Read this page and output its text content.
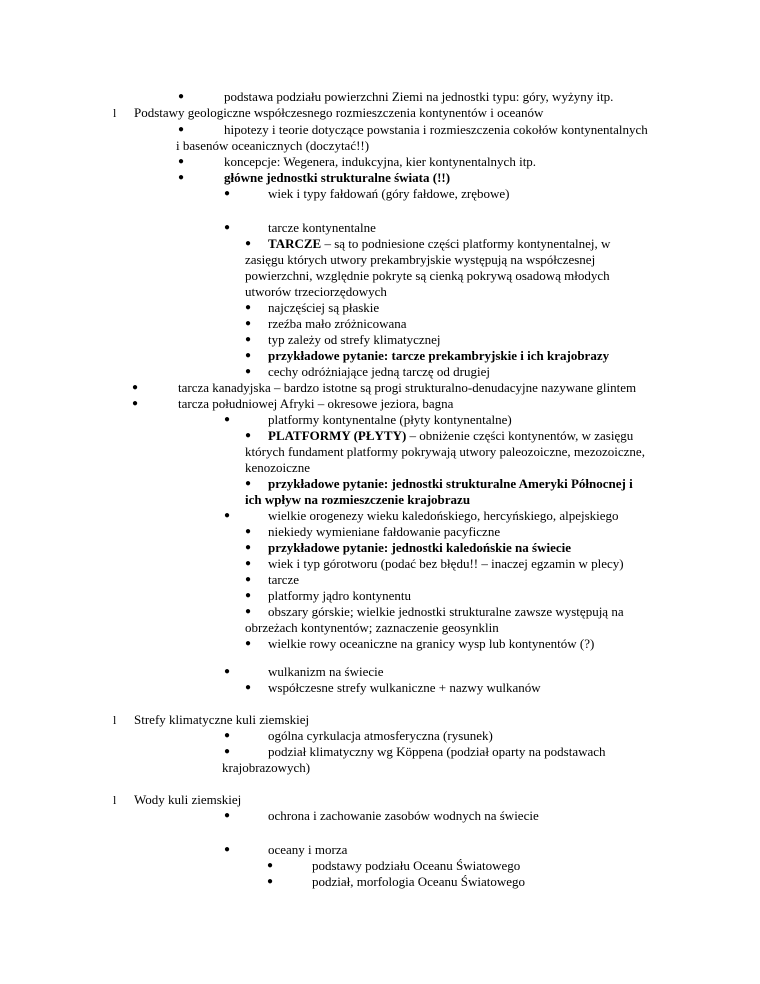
●	podstawa podziału powierzchni Ziemi na jednostki typu: góry, wyżyny itp.
l Podstawy geologiczne współczesnego rozmieszczenia kontynentów i oceanów
●	hipotezy i teorie dotyczące powstania i rozmieszczenia cokołów kontynentalnych
i basenów oceanicznych (doczytać!!)
●	koncepcje: Wegenera, indukcyjna, kier kontynentalnych itp.
●	główne jednostki strukturalne świata (!!)
●	wiek i typy fałdowań (góry fałdowe, zrębowe)
●	tarcze kontynentalne
● TARCZE – są to podniesione części platformy kontynentalnej, w
zasięgu których utwory prekambryjskie występują na współczesnej
powierzchni, względnie pokryte są cienką pokrywą osadową młodych
utworów trzeciorzędowych
● najczęściej są płaskie
● rzeźba mało zróżnicowana
● typ zależy od strefy klimatycznej
● przykładowe pytanie: tarcze prekambryjskie i ich krajobrazy
● cechy odróżniające jedną tarczę od drugiej
●	tarcza kanadyjska – bardzo istotne są progi strukturalno-denudacyjne nazywane glintem
●	tarcza południowej Afryki – okresowe jeziora, bagna
●	platformy kontynentalne (płyty kontynentalne)
● PLATFORMY (PŁYTY) – obniżenie części kontynentów, w zasięgu
których fundament platformy pokrywają utwory paleozoiczne, mezozoiczne,
kenozoiczne
● przykładowe pytanie: jednostki strukturalne Ameryki Północnej i
ich wpływ na rozmieszczenie krajobrazu
●	wielkie orogenezy wieku kaledońskiego, hercyńskiego, alpejskiego
● niekiedy wymieniane fałdowanie pacyficzne
● przykładowe pytanie: jednostki kaledońskie na świecie
● wiek i typ górotworu (podać bez błędu!! – inaczej egzamin w plecy)
● tarcze
● platformy jądro kontynentu
● obszary górskie; wielkie jednostki strukturalne zawsze występują na
obrzeżach kontynentów; zaznaczenie geosynklin
● wielkie rowy oceaniczne na granicy wysp lub kontynentów (?)
●	wulkanizm na świecie
● współczesne strefy wulkaniczne + nazwy wulkanów
l Strefy klimatyczne kuli ziemskiej
●	ogólna cyrkulacja atmosferyczna (rysunek)
●	podział klimatyczny wg Köppena (podział oparty na podstawach
krajobrazowych)
l Wody kuli ziemskiej
●	ochrona i zachowanie zasobów wodnych na świecie
●	oceany i morza
●	podstawy podziału Oceanu Światowego
●	podział, morfologia Oceanu Światowego
